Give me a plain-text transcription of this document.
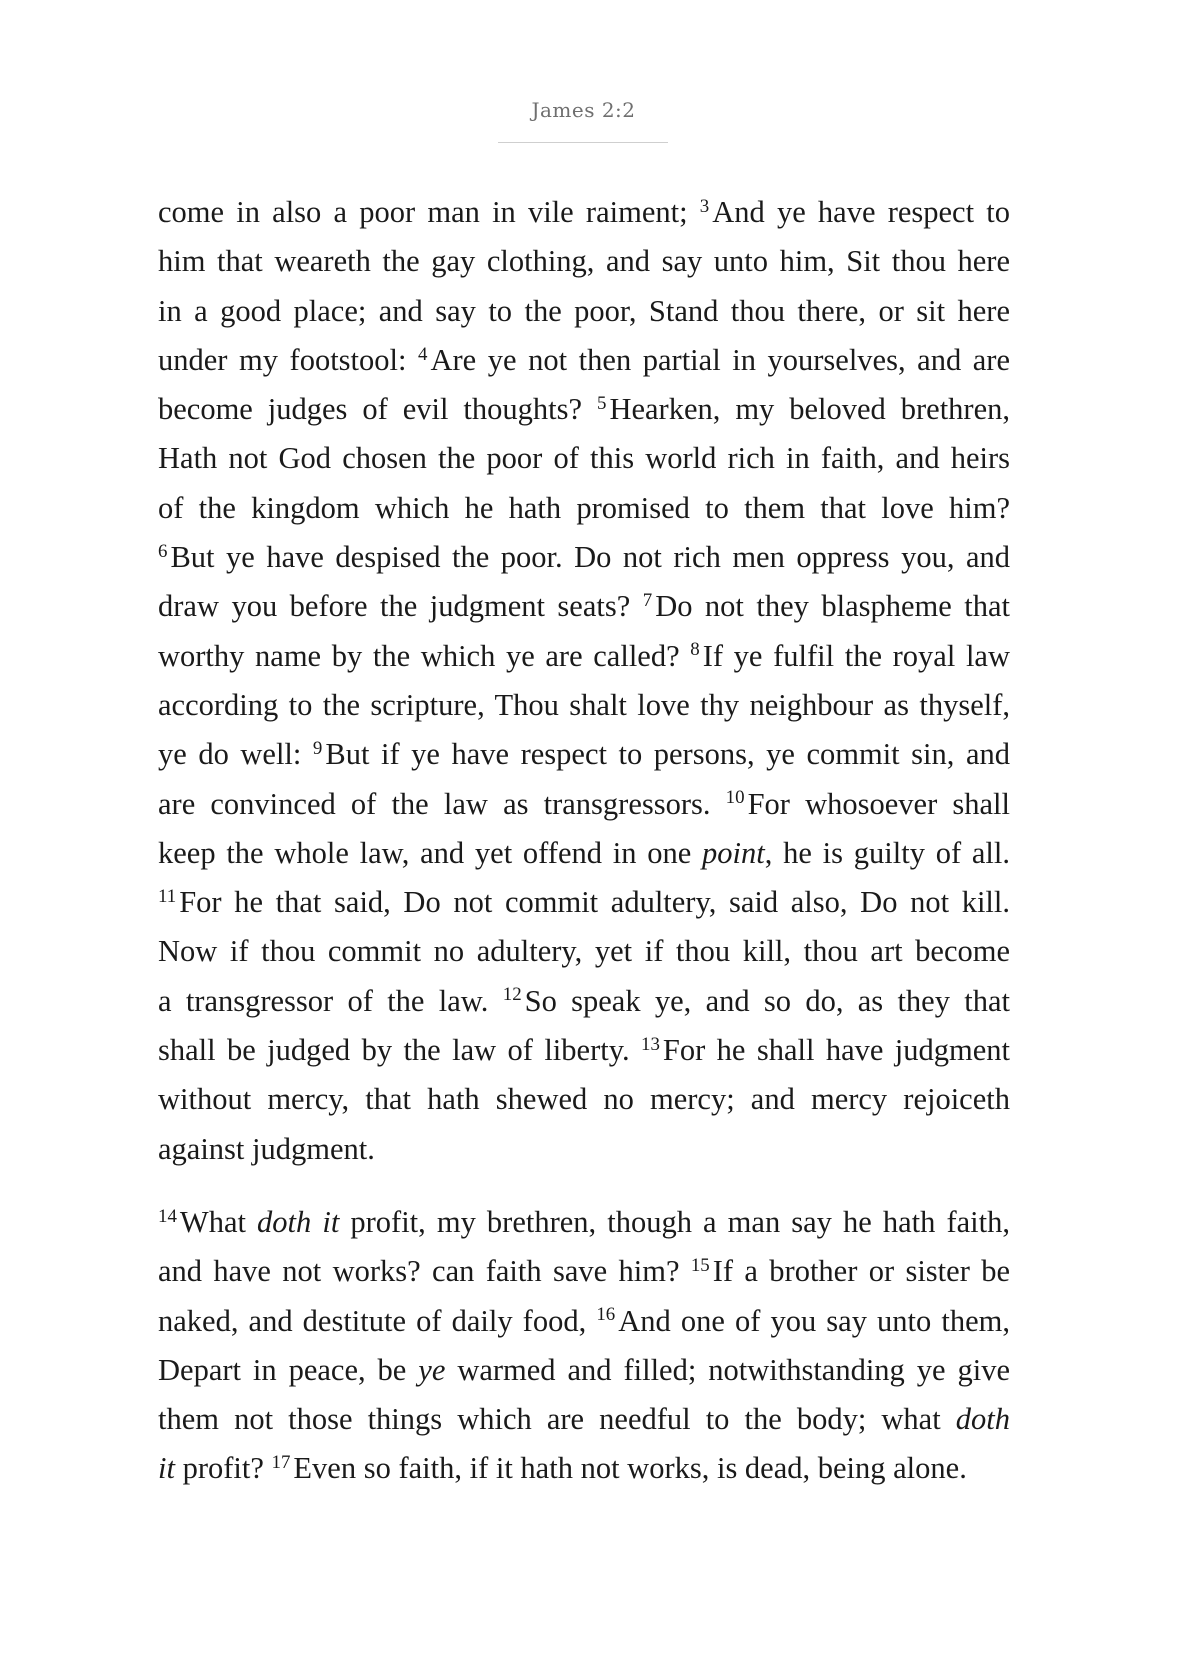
James 2:2
come in also a poor man in vile raiment; $^3$And ye have respect to
him that weareth the gay clothing, and say unto him, Sit thou here
in a good place; and say to the poor, Stand thou there, or sit here
under my footstool: $^4$Are ye not then partial in yourselves, and are
become judges of evil thoughts? $^5$Hearken, my beloved brethren,
Hath not God chosen the poor of this world rich in faith, and heirs
of the kingdom which he hath promised to them that love him?
$^6$But ye have despised the poor. Do not rich men oppress you, and
draw you before the judgment seats? $^7$Do not they blaspheme that
worthy name by the which ye are called? $^8$If ye fulfil the royal law
according to the scripture, Thou shalt love thy neighbour as thyself,
ye do well: $^9$But if ye have respect to persons, ye commit sin, and
are convinced of the law as transgressors. $^{10}$For whosoever shall
keep the whole law, and yet offend in one point, he is guilty of all.
$^{11}$For he that said, Do not commit adultery, said also, Do not kill.
Now if thou commit no adultery, yet if thou kill, thou art become
a transgressor of the law. $^{12}$So speak ye, and so do, as they that
shall be judged by the law of liberty. $^{13}$For he shall have judgment
without mercy, that hath shewed no mercy; and mercy rejoiceth
against judgment.
$^{14}$What doth it profit, my brethren, though a man say he hath faith,
and have not works? can faith save him? $^{15}$If a brother or sister be
naked, and destitute of daily food, $^{16}$And one of you say unto them,
Depart in peace, be ye warmed and filled; notwithstanding ye give
them not those things which are needful to the body; what doth
it profit? $^{17}$Even so faith, if it hath not works, is dead, being alone.
